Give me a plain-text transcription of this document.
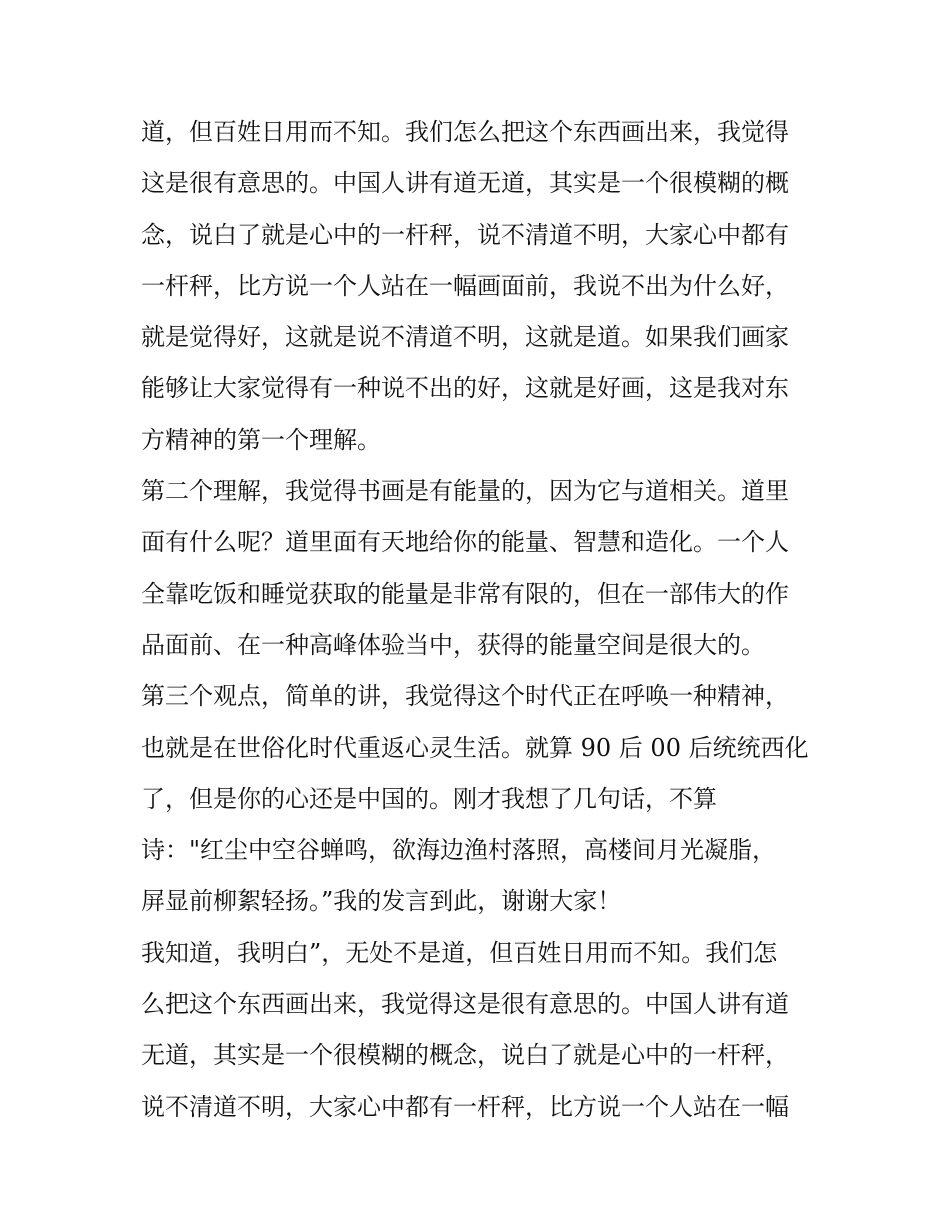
道，但百姓日用而不知。我们怎么把这个东西画出来，我觉得
这是很有意思的。中国人讲有道无道，其实是一个很模糊的概
念，说白了就是心中的一杆秤，说不清道不明，大家心中都有
一杆秤，比方说一个人站在一幅画面前，我说不出为什么好，
就是觉得好，这就是说不清道不明，这就是道。如果我们画家
能够让大家觉得有一种说不出的好，这就是好画，这是我对东
方精神的第一个理解。
第二个理解，我觉得书画是有能量的，因为它与道相关。道里
面有什么呢？道里面有天地给你的能量、智慧和造化。一个人
全靠吃饭和睡觉获取的能量是非常有限的，但在一部伟大的作
品面前、在一种高峰体验当中，获得的能量空间是很大的。
第三个观点，简单的讲，我觉得这个时代正在呼唤一种精神，
也就是在世俗化时代重返心灵生活。就算 90 后 00 后统统西化
了，但是你的心还是中国的。刚才我想了几句话，不算
诗："红尘中空谷蝉鸣，欲海边渔村落照，高楼间月光凝脂，
屏显前柳絮轻扬。”我的发言到此，谢谢大家！
我知道，我明白”，无处不是道，但百姓日用而不知。我们怎
么把这个东西画出来，我觉得这是很有意思的。中国人讲有道
无道，其实是一个很模糊的概念，说白了就是心中的一杆秤，
说不清道不明，大家心中都有一杆秤，比方说一个人站在一幅
